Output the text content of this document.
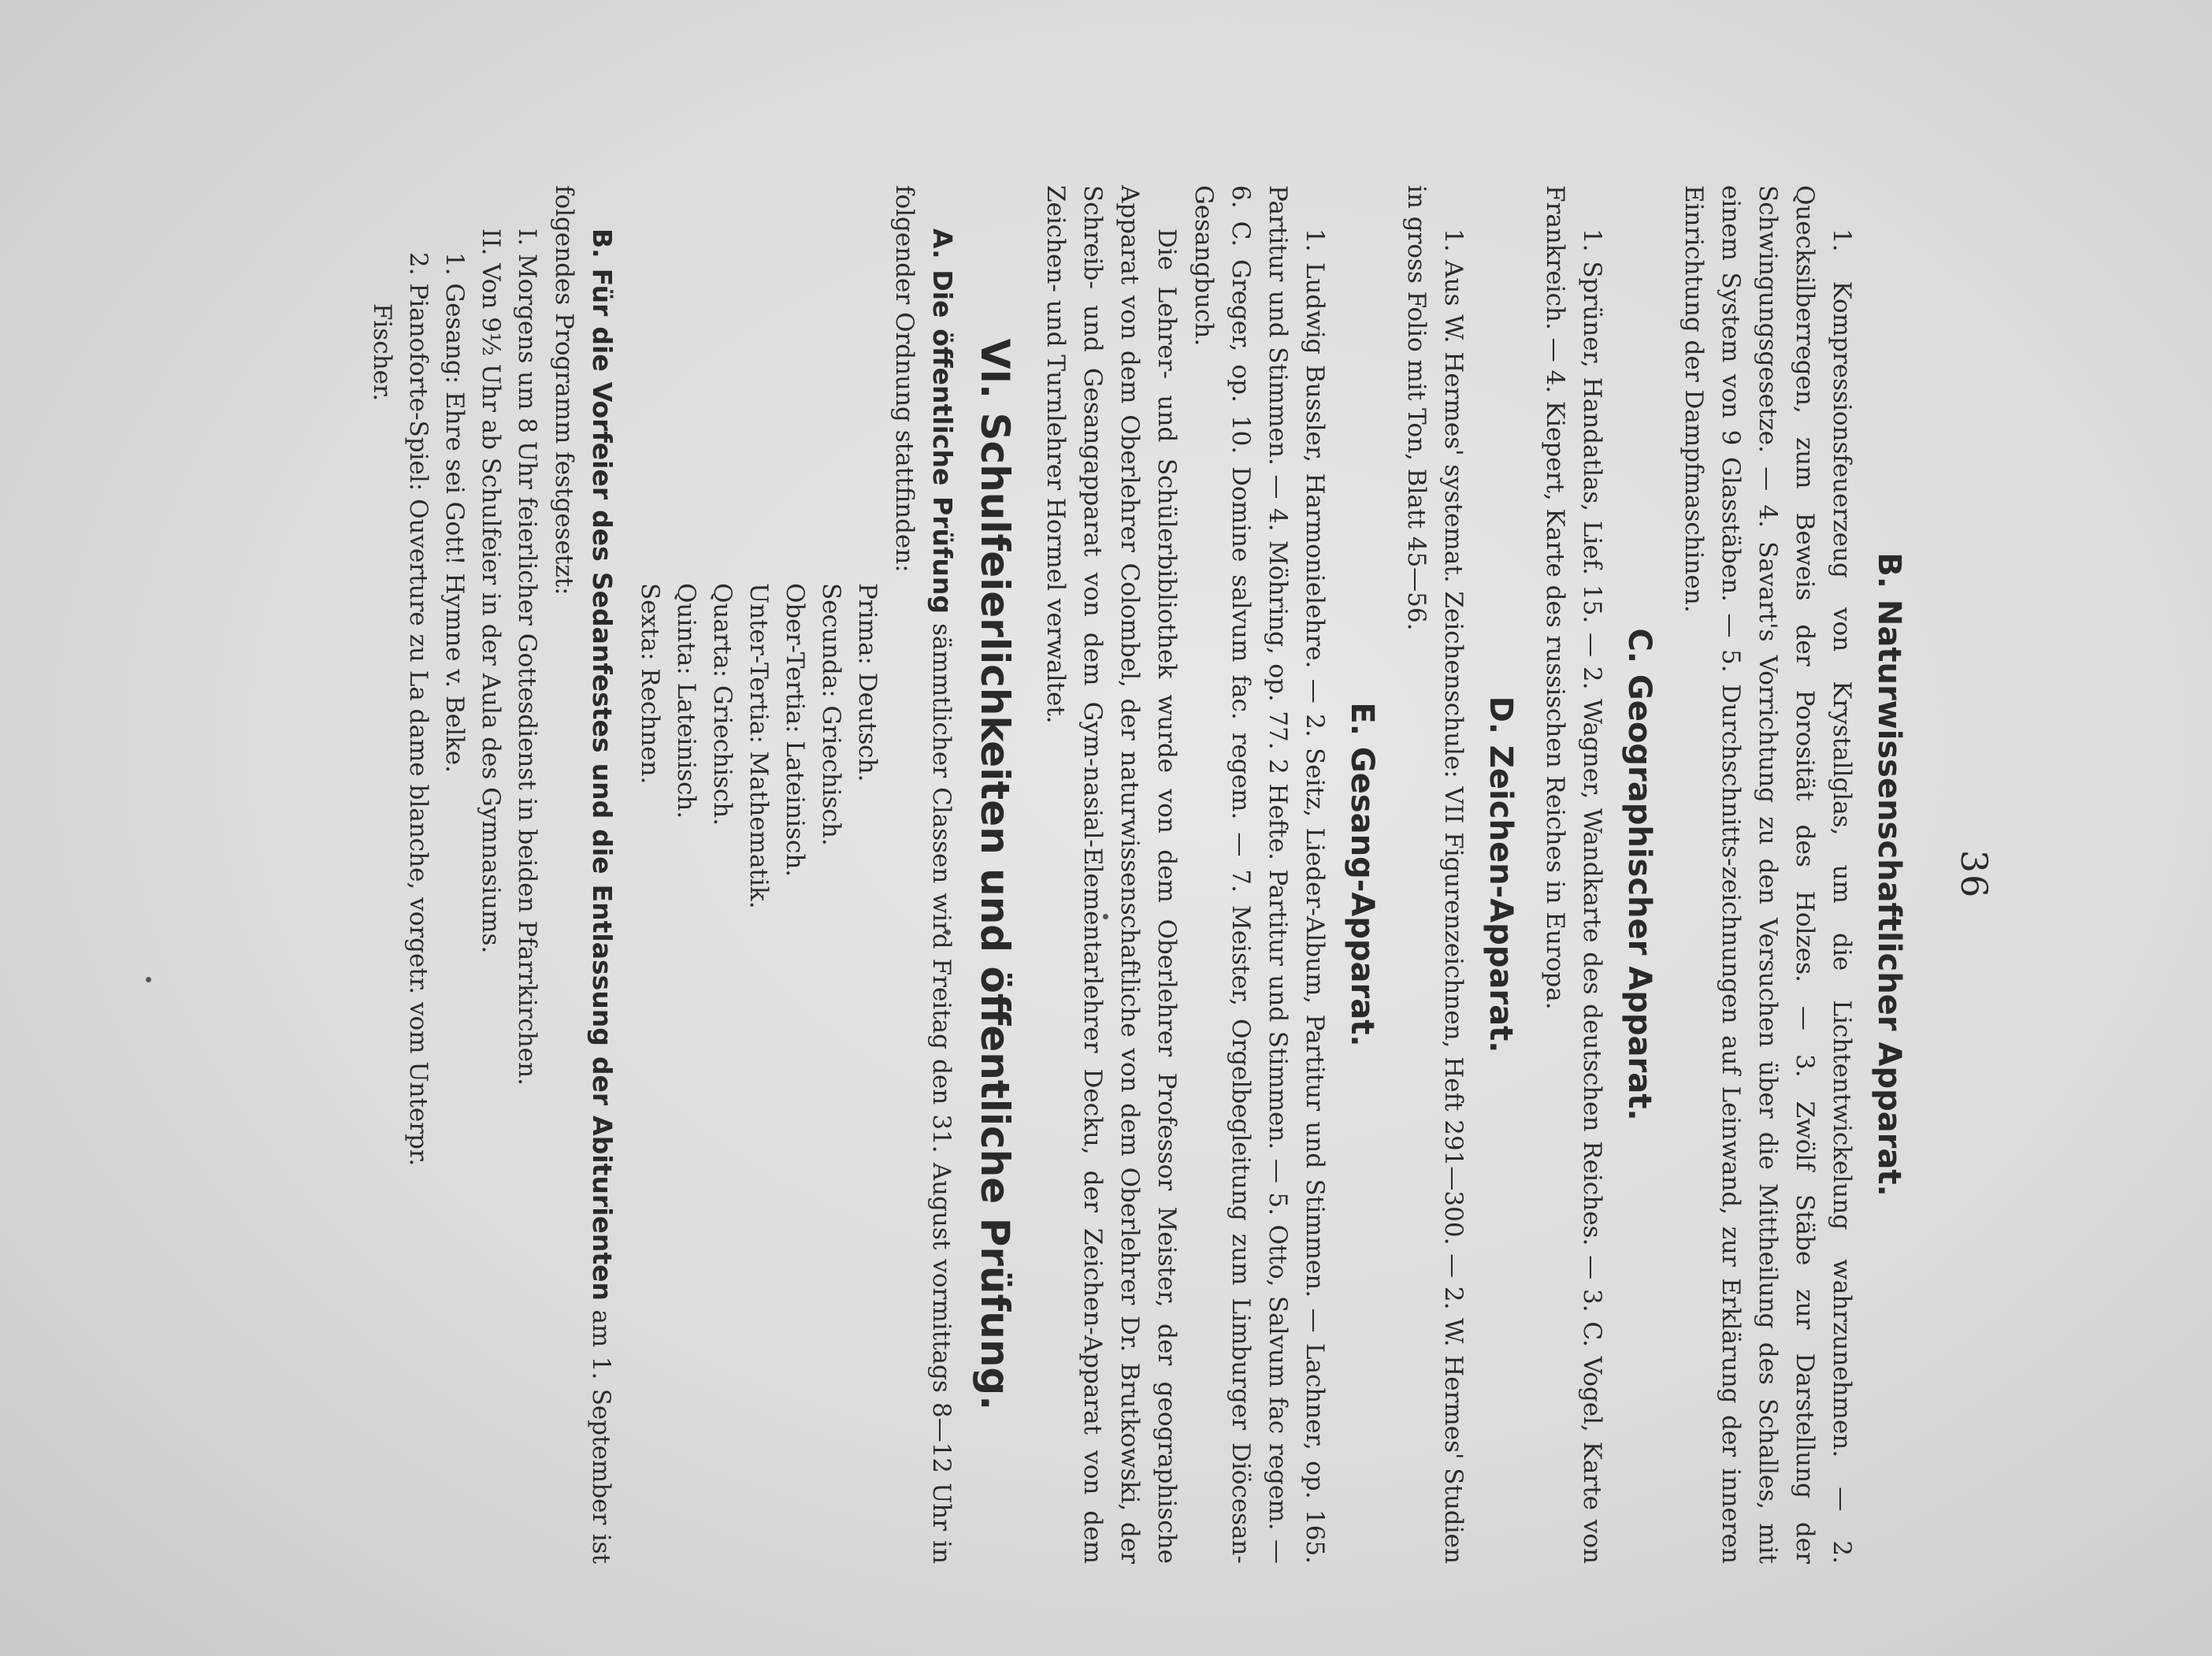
36
B. Naturwissenschaftlicher Apparat.
1. Kompressionsfeuerzeug von Krystallglas, um die Lichtentwickelung wahrzunehmen. — 2. Quecksilberregen, zum Beweis der Porosität des Holzes. — 3. Zwölf Stäbe zur Darstellung der Schwingungsgesetze. — 4. Savart's Vorrichtung zu den Versuchen über die Mittheilung des Schalles, mit einem System von 9 Glasstäben. — 5. Durchschnitts-zeichnungen auf Leinwand, zur Erklärung der inneren Einrichtung der Dampfmaschinen.
C. Geographischer Apparat.
1. Sprüner, Handatlas, Lief. 15. — 2. Wagner, Wandkarte des deutschen Reiches. — 3. C. Vogel, Karte von Frankreich. — 4. Kiepert, Karte des russischen Reiches in Europa.
D. Zeichen-Apparat.
1. Aus W. Hermes' systemat. Zeichenschule: VII Figurenzeichnen, Heft 291—300. — 2. W. Hermes' Studien in gross Folio mit Ton, Blatt 45—56.
E. Gesang-Apparat.
1. Ludwig Bussler, Harmonielehre. — 2. Seitz, Lieder-Album, Partitur und Stimmen. — Lachner, op. 165. Partitur und Stimmen. — 4. Möhring, op. 77. 2 Hefte. Partitur und Stimmen. — 5. Otto, Salvum fac regem. — 6. C. Greger, op. 10. Domine salvum fac. regem. — 7. Meister, Orgelbegleitung zum Limburger Diöcesan-Gesangbuch.
Die Lehrer- und Schülerbibliothek wurde von dem Oberlehrer Professor Meister, der geographische Apparat von dem Oberlehrer Colombel, der naturwissenschaftliche von dem Oberlehrer Dr. Brutkowski, der Schreib- und Gesangapparat von dem Gym-nasial-Elementarlehrer Decku, der Zeichen-Apparat von dem Zeichen- und Turnlehrer Hormel verwaltet.
VI. Schulfeierlichkeiten und öffentliche Prüfung.
A. Die öffentliche Prüfung sämmtlicher Classen wird Freitag den 31. August vormittags 8—12 Uhr in folgender Ordnung stattfinden:
Prima: Deutsch.
Secunda: Griechisch.
Ober-Tertia: Lateinisch.
Unter-Tertia: Mathematik.
Quarta: Griechisch.
Quinta: Lateinisch.
Sexta: Rechnen.
B. Für die Vorfeier des Sedanfestes und die Entlassung der Abiturienten am 1. September ist folgendes Programm festgesetzt:
I. Morgens um 8 Uhr feierlicher Gottesdienst in beiden Pfarrkirchen.
II. Von 9½ Uhr ab Schulfeier in der Aula des Gymnasiums.
1. Gesang: Ehre sei Gott! Hymne v. Belke.
2. Pianoforte-Spiel: Ouverture zu La dame blanche, vorgetr. vom Unterpr.
Fischer.
